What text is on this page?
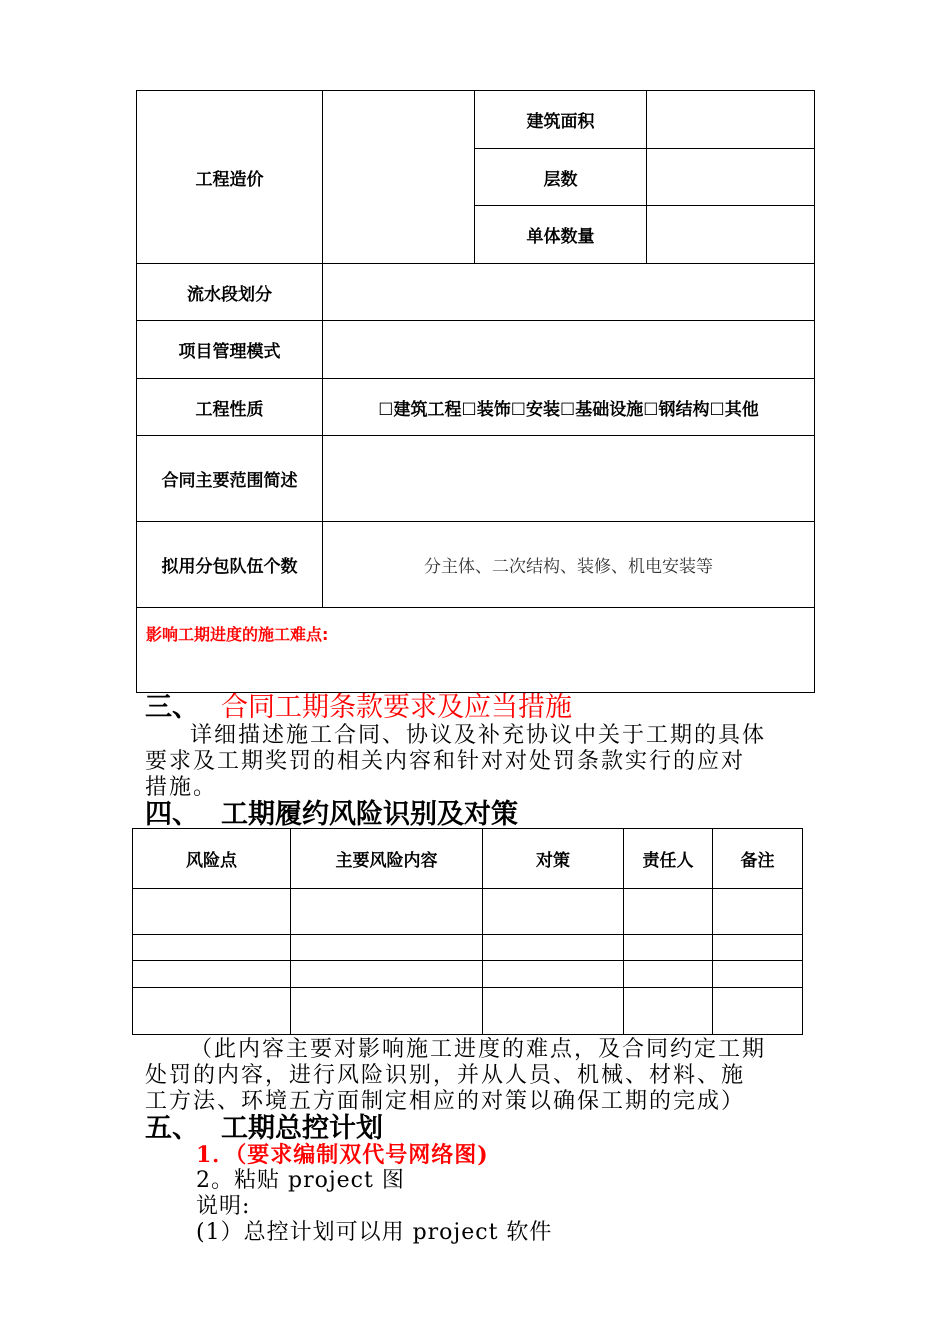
工程造价		建筑面积	
		层数	
		单体数量	
流水段划分			
项目管理模式			
工程性质	☐建筑工程☐装饰☐安装☐基础设施☐钢结构☐其他		
合同主要范围简述			
拟用分包队伍个数	分主体、二次结构、装修、机电安装等		
影响工期进度的施工难点:			
三、 合同工期条款要求及应当措施
详细描述施工合同、协议及补充协议中关于工期的具体
要求及工期奖罚的相关内容和针对对处罚条款实行的应对
措施。
四、 工期履约风险识别及对策
风险点	主要风险内容	对策	责任人	备注

（此内容主要对影响施工进度的难点，及合同约定工期
处罚的内容，进行风险识别，并从人员、机械、材料、施
工方法、环境五方面制定相应的对策以确保工期的完成）
五、 工期总控计划
1．（要求编制双代号网络图)
2。粘贴 project 图
说明:
(1）总控计划可以用 project 软件
